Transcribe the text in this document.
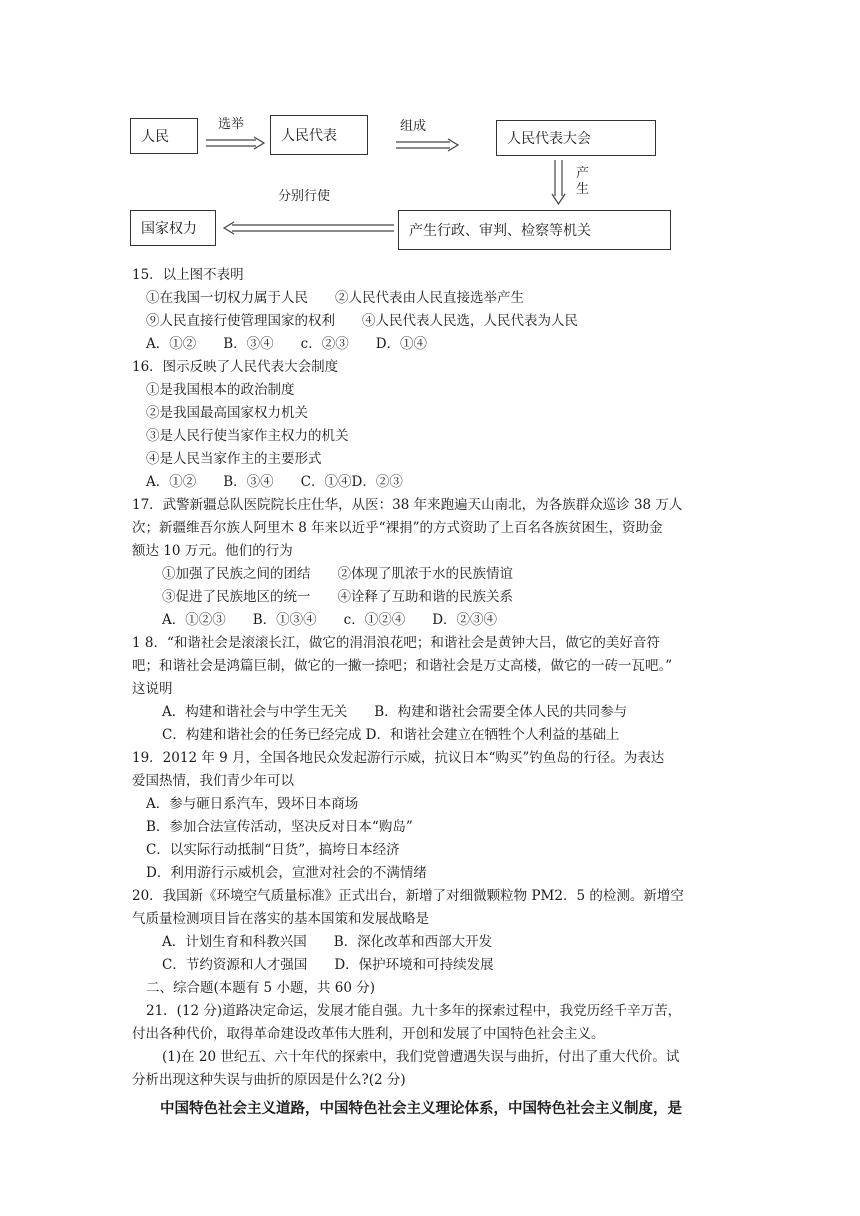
人民
选举
人民代表
组成
人民代表大会
产
生
分别行使
产生行政、审判、检察等机关
国家权力
15．以上图不表明
①在我国一切权力属于人民　　②人民代表由人民直接选举产生
⑨人民直接行使管理国家的权利　　④人民代表人民选，人民代表为人民
A．①②　　B．③④　　c．②③　　D．①④
16．图示反映了人民代表大会制度
①是我国根本的政治制度
②是我国最高国家权力机关
③是人民行使当家作主权力的机关
④是人民当家作主的主要形式
A．①②　　B．③④　　C．①④D．②③
17．武警新疆总队医院院长庄仕华，从医：38 年来跑遍天山南北，为各族群众巡诊 38 万人
次；新疆维吾尔族人阿里木 8 年来以近乎“裸捐”的方式资助了上百名各族贫困生，资助金
额达 10 万元。他们的行为
①加强了民族之间的团结　　②体现了肌浓于水的民族情谊
③促进了民族地区的统一　　④诠释了互助和谐的民族关系
A．①②③　　B．①③④　　c．①②④　　D．②③④
1 8．“和谐社会是滚滚长江，做它的涓涓浪花吧；和谐社会是黄钟大吕，做它的美好音符
吧；和谐社会是鸿篇巨制，做它的一撇一捺吧；和谐社会是万丈高楼，做它的一砖一瓦吧。”
这说明
A．构建和谐社会与中学生无关　　B．构建和谐社会需要全体人民的共同参与
C．构建和谐社会的任务已经完成 D．和谐社会建立在牺牲个人利益的基础上
19．2012 年 9 月，全国各地民众发起游行示威，抗议日本“购买”钓鱼岛的行径。为表达
爱国热情，我们青少年可以
A．参与砸日系汽车，毁坏日本商场
B．参加合法宣传活动，坚决反对日本“购岛”
C．以实际行动抵制“日货”，搞垮日本经济
D．利用游行示威机会，宣泄对社会的不满情绪
20．我国新《环境空气质量标准》正式出台，新增了对细微颗粒物 PM2．5 的检测。新增空
气质量检测项目旨在落实的基本国策和发展战略是
A．计划生育和科教兴国　　B．深化改革和西部大开发
C．节约资源和人才强国　　D．保护环境和可持续发展
二、综合题(本题有 5 小题，共 60 分)
21．(12 分)道路决定命运，发展才能自强。九十多年的探索过程中，我党历经千辛万苦，
付出各种代价，取得革命建设改革伟大胜利，开创和发展了中国特色社会主义。
(1)在 20 世纪五、六十年代的探索中，我们党曾遭遇失误与曲折，付出了重大代价。试
分析出现这种失误与曲折的原因是什么?(2 分)
中国特色社会主义道路，中国特色社会主义理论体系，中国特色社会主义制度，是
